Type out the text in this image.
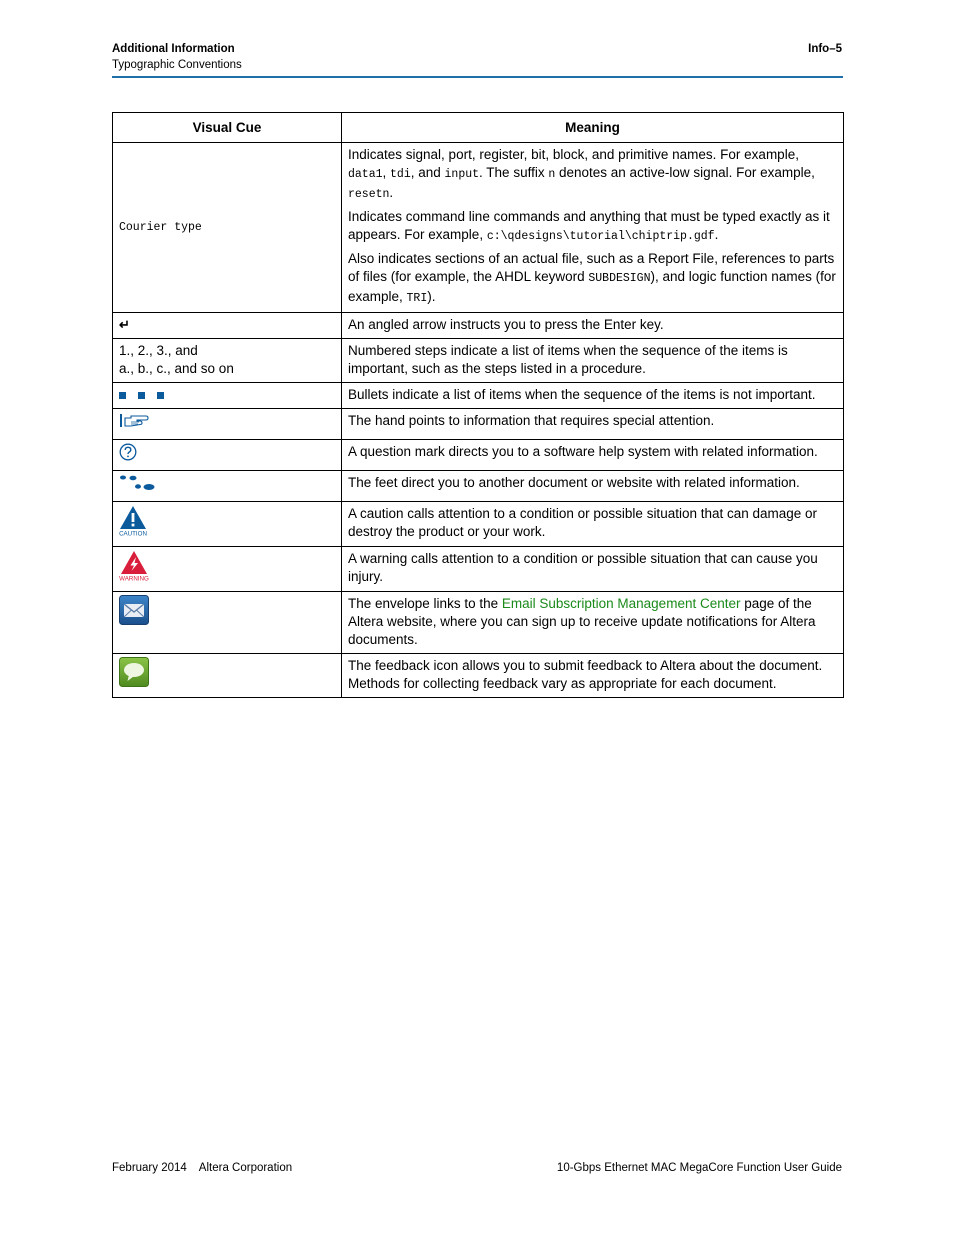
Additional Information
Typographic Conventions
Info–5
Visual Cue	Meaning
Courier type	Indicates signal, port, register, bit, block, and primitive names. For example, data1, tdi, and input. The suffix n denotes an active-low signal. For example, resetn.

Indicates command line commands and anything that must be typed exactly as it appears. For example, c:\qdesigns\tutorial\chiptrip.gdf.

Also indicates sections of an actual file, such as a Report File, references to parts of files (for example, the AHDL keyword SUBDESIGN), and logic function names (for example, TRI).

↵	An angled arrow instructs you to press the Enter key.

1., 2., 3., and
a., b., c., and so on	Numbered steps indicate a list of items when the sequence of the items is important, such as the steps listed in a procedure.
	Bullets indicate a list of items when the sequence of the items is not important.
	The hand points to information that requires special attention.
	A question mark directs you to a software help system with related information.
	The feet direct you to another document or website with related information.

CAUTION	A caution calls attention to a condition or possible situation that can damage or destroy the product or your work.

WARNING	A warning calls attention to a condition or possible situation that can cause you injury.
	The envelope links to the Email Subscription Management Center page of the Altera website, where you can sign up to receive update notifications for Altera documents.
	The feedback icon allows you to submit feedback to Altera about the document. Methods for collecting feedback vary as appropriate for each document.
February 2014 Altera Corporation	10-Gbps Ethernet MAC MegaCore Function User Guide
